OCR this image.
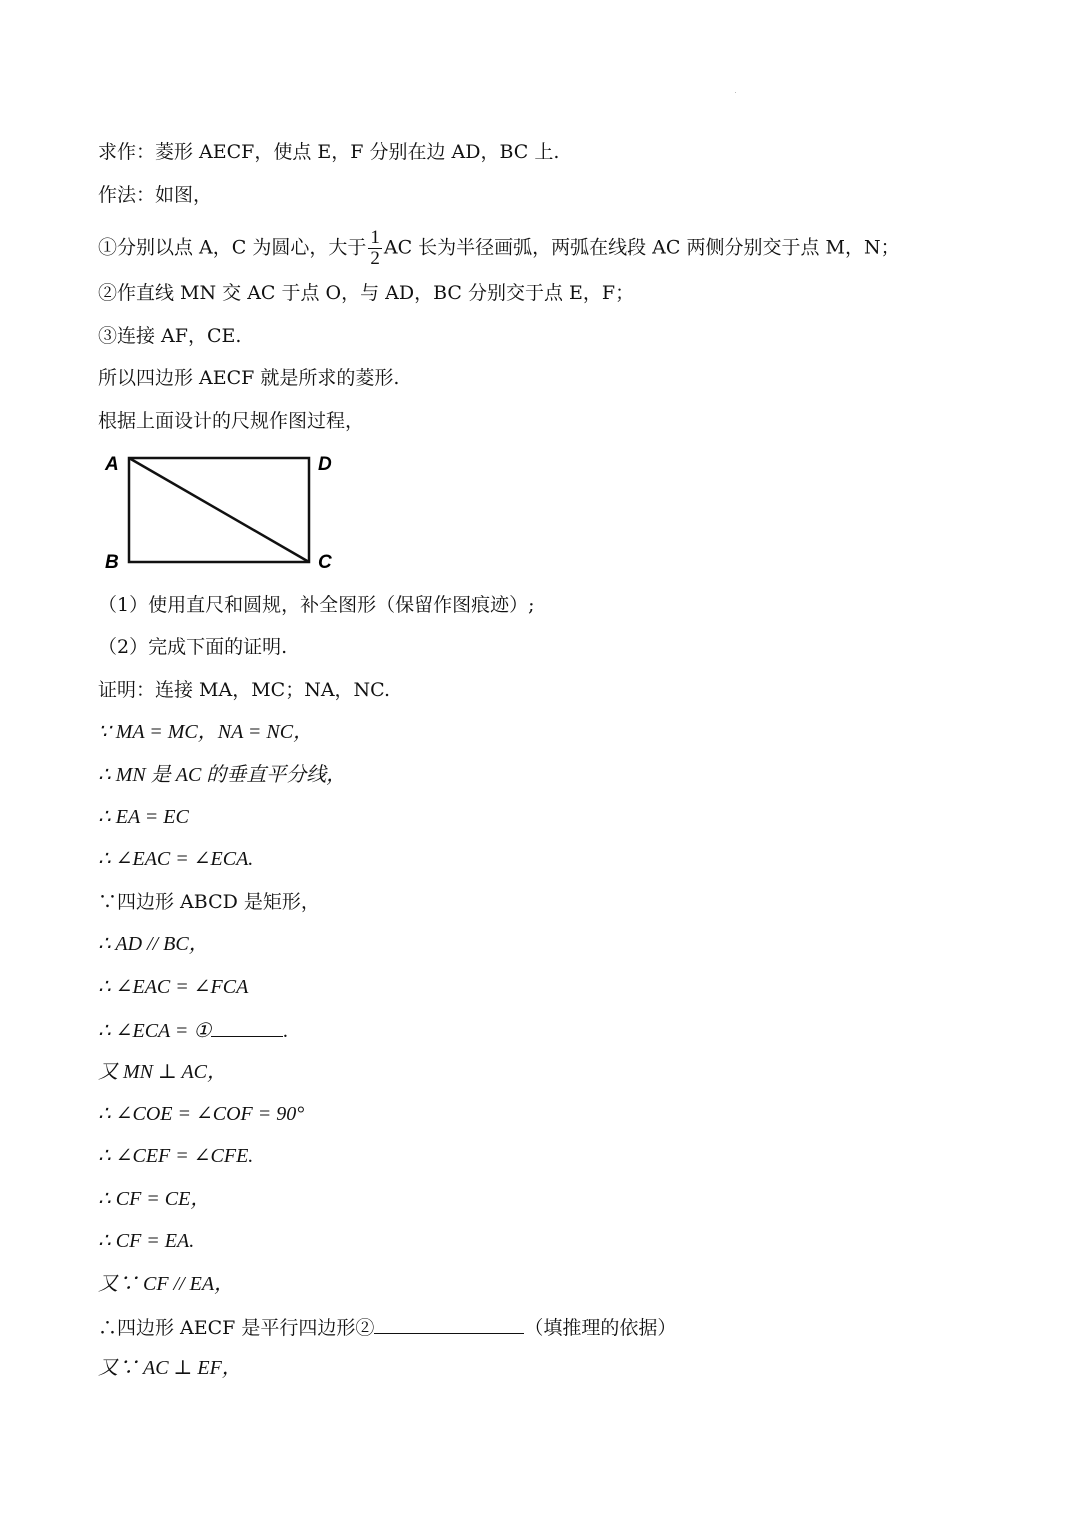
求作：菱形 AECF，使点 E，F 分别在边 AD，BC 上.
作法：如图，
①分别以点 A，C 为圆心，大于 $\frac{1}{2}$ AC 长为半径画弧，两弧在线段 AC 两侧分别交于点 M，N；
②作直线 MN 交 AC 于点 O，与 AD，BC 分别交于点 E，F；
③连接 AF，CE.
所以四边形 AECF 就是所求的菱形.
根据上面设计的尺规作图过程，
A	D
B	C
（1）使用直尺和圆规，补全图形（保留作图痕迹）;
（2）完成下面的证明.
证明：连接 MA，MC；NA，NC.
∵ MA = MC，NA = NC，
∴ MN 是 AC 的垂直平分线，
∴ EA = EC
∴ ∠EAC = ∠ECA.
∵四边形 ABCD 是矩形，
∴ AD // BC，
∴ ∠EAC = ∠FCA
∴ ∠ECA = ①	.
又 MN ⊥ AC，
∴ ∠COE = ∠COF = 90°
∴ ∠CEF = ∠CFE.
∴ CF = CE，
∴ CF = EA.
又∵ CF // EA，
∴四边形 AECF 是平行四边形②	（填推理的依据）
又∵ AC ⊥ EF，
